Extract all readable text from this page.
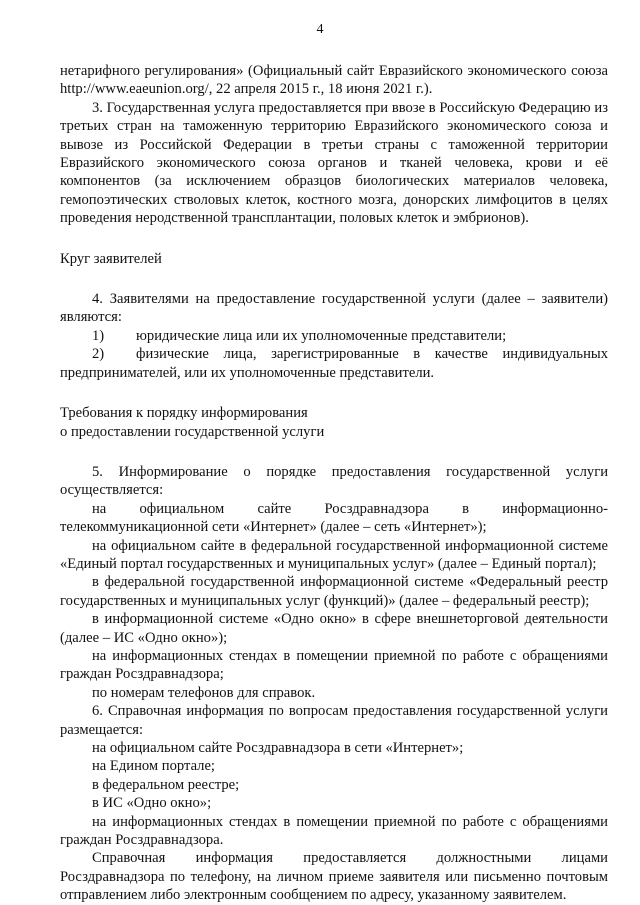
4

нетарифного регулирования» (Официальный сайт Евразийского экономического союза http://www.eaeunion.org/, 22 апреля 2015 г., 18 июня 2021 г.).

3. Государственная услуга предоставляется при ввозе в Российскую Федерацию из третьих стран на таможенную территорию Евразийского экономического союза и вывозе из Российской Федерации в третьи страны с таможенной территории Евразийского экономического союза органов и тканей человека, крови и её компонентов (за исключением образцов биологических материалов человека, гемопоэтических стволовых клеток, костного мозга, донорских лимфоцитов в целях проведения неродственной трансплантации, половых клеток и эмбрионов).

Круг заявителей

4. Заявителями на предоставление государственной услуги (далее – заявители) являются:

1)	юридические лица или их уполномоченные представители;

2) физические лица, зарегистрированные в качестве индивидуальных предпринимателей, или их уполномоченные представители.

Требования к порядку информирования

о предоставлении государственной услуги

5. Информирование о порядке предоставления государственной услуги осуществляется:

на официальном сайте Росздравнадзора в информационно-телекоммуникационной сети «Интернет» (далее – сеть «Интернет»);

на официальном сайте в федеральной государственной информационной системе «Единый портал государственных и муниципальных услуг» (далее – Единый портал);

в федеральной государственной информационной системе «Федеральный реестр государственных и муниципальных услуг (функций)» (далее – федеральный реестр);

в информационной системе «Одно окно» в сфере внешнеторговой деятельности (далее – ИС «Одно окно»);

на информационных стендах в помещении приемной по работе с обращениями граждан Росздравнадзора;

по номерам телефонов для справок.

6. Справочная информация по вопросам предоставления государственной услуги размещается:

на официальном сайте Росздравнадзора в сети «Интернет»;

на Едином портале;

в федеральном реестре;

в ИС «Одно окно»;

на информационных стендах в помещении приемной по работе с обращениями граждан Росздравнадзора.

Справочная информация предоставляется должностными лицами Росздравнадзора по телефону, на личном приеме заявителя или письменно почтовым отправлением либо электронным сообщением по адресу, указанному заявителем.
